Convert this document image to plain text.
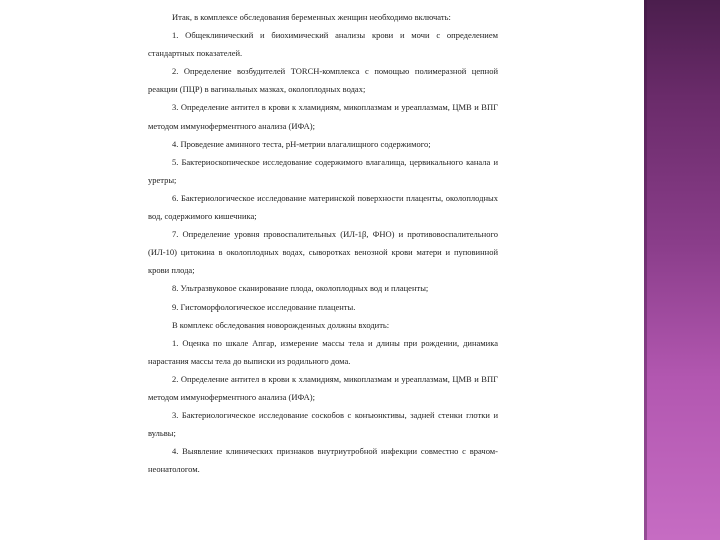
Итак, в комплексе обследования беременных женщин необходимо включать:

1. Общеклинический и биохимический анализы крови и мочи с определением стандартных показателей.

2. Определение возбудителей TORCH-комплекса с помощью полимеразной цепной реакции (ПЦР) в вагинальных мазках, околоплодных водах;

3. Определение антител в крови к хламидиям, микоплазмам и уреаплазмам, ЦМВ и ВПГ методом иммуноферментного анализа (ИФА);

4. Проведение аминного теста, рН-метрии влагалищного содержимого;

5. Бактериоскопическое исследование содержимого влагалища, цервикального канала и уретры;

6. Бактериологическое исследование материнской поверхности плаценты, околоплодных вод, содержимого кишечника;

7. Определение уровня провоспалительных (ИЛ-1β, ФНО) и противовоспалительного (ИЛ-10) цитокина в околоплодных водах, сыворотках венозной крови матери и пуповинной крови плода;

8. Ультразвуковое сканирование плода, околоплодных вод и плаценты;

9. Гистоморфологическое исследование плаценты.

В комплекс обследования новорожденных должны входить:

1. Оценка по шкале Апгар, измерение массы тела и длины при рождении, динамика нарастания массы тела до выписки из родильного дома.

2. Определение антител в крови к хламидиям, микоплазмам и уреаплазмам, ЦМВ и ВПГ методом иммуноферментного анализа (ИФА);

3. Бактериологическое исследование соскобов с конъюнктивы, задней стенки глотки и вульвы;

4. Выявление клинических признаков внутриутробной инфекции совместно с врачом-неонатологом.
